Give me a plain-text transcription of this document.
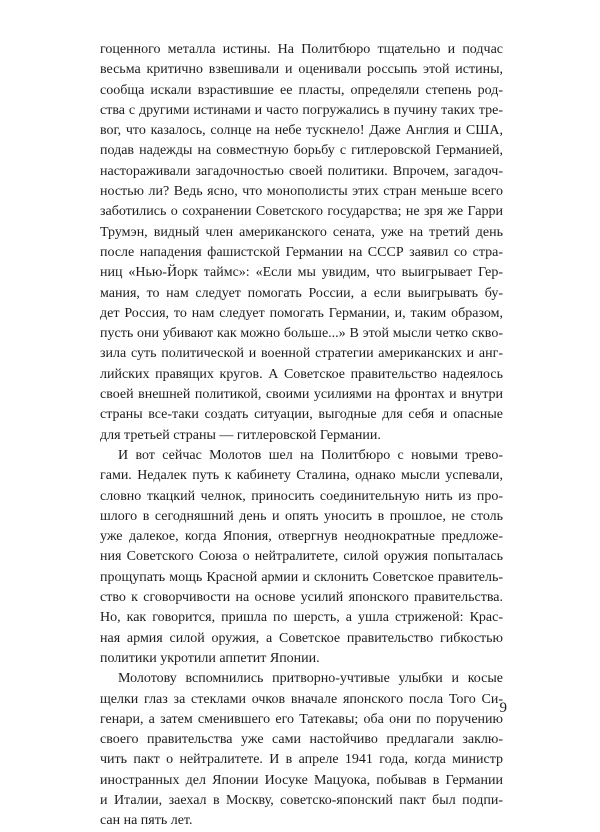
гоценного металла истины. На Политбюро тщательно и подчас
весьма критично взвешивали и оценивали россыпь этой истины,
сообща искали взрастившие ее пласты, определяли степень род-
ства с другими истинами и часто погружались в пучину таких тре-
вог, что казалось, солнце на небе тускнело! Даже Англия и США,
подав надежды на совместную борьбу с гитлеровской Германией,
настораживали загадочностью своей политики. Впрочем, загадоч-
ностью ли? Ведь ясно, что монополисты этих стран меньше всего
заботились о сохранении Советского государства; не зря же Гарри
Трумэн, видный член американского сената, уже на третий день
после нападения фашистской Германии на СССР заявил со стра-
ниц «Нью-Йорк таймс»: «Если мы увидим, что выигрывает Гер-
мания, то нам следует помогать России, а если выигрывать бу-
дет Россия, то нам следует помогать Германии, и, таким образом,
пусть они убивают как можно больше...» В этой мысли четко скво-
зила суть политической и военной стратегии американских и анг-
лийских правящих кругов. А Советское правительство надеялось
своей внешней политикой, своими усилиями на фронтах и внутри
страны все-таки создать ситуации, выгодные для себя и опасные
для третьей страны — гитлеровской Германии.
И вот сейчас Молотов шел на Политбюро с новыми трево-
гами. Недалек путь к кабинету Сталина, однако мысли успевали,
словно ткацкий челнок, приносить соединительную нить из про-
шлого в сегодняшний день и опять уносить в прошлое, не столь
уже далекое, когда Япония, отвергнув неоднократные предложе-
ния Советского Союза о нейтралитете, силой оружия попыталась
прощупать мощь Красной армии и склонить Советское правитель-
ство к сговорчивости на основе усилий японского правительства.
Но, как говорится, пришла по шерсть, а ушла стриженой: Крас-
ная армия силой оружия, а Советское правительство гибкостью
политики укротили аппетит Японии.
Молотову вспомнились притворно-учтивые улыбки и косые
щелки глаз за стеклами очков вначале японского посла Того Си-
генари, а затем сменившего его Татекавы; оба они по поручению
своего правительства уже сами настойчиво предлагали заклю-
чить пакт о нейтралитете. И в апреле 1941 года, когда министр
иностранных дел Японии Иосуке Мацуока, побывав в Германии
и Италии, заехал в Москву, советско-японский пакт был подпи-
сан на пять лет.
9
